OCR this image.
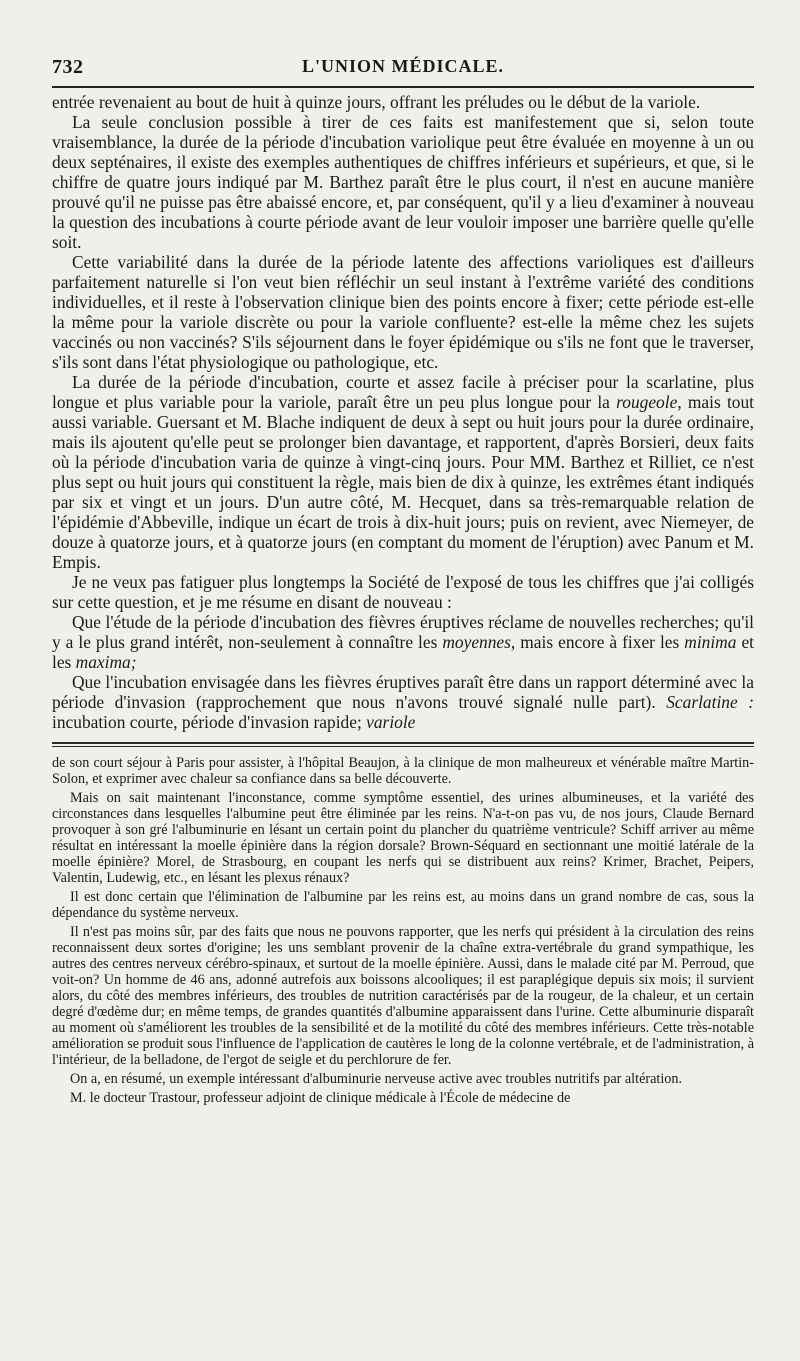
732	L'UNION MÉDICALE.

entrée revenaient au bout de huit à quinze jours, offrant les préludes ou le début de la variole.

La seule conclusion possible à tirer de ces faits est manifestement que si, selon toute vraisemblance, la durée de la période d'incubation variolique peut être évaluée en moyenne à un ou deux septénaires, il existe des exemples authentiques de chiffres inférieurs et supérieurs, et que, si le chiffre de quatre jours indiqué par M. Barthez paraît être le plus court, il n'est en aucune manière prouvé qu'il ne puisse pas être abaissé encore, et, par conséquent, qu'il y a lieu d'examiner à nouveau la question des incubations à courte période avant de leur vouloir imposer une barrière quelle qu'elle soit.

Cette variabilité dans la durée de la période latente des affections varioliques est d'ailleurs parfaitement naturelle si l'on veut bien réfléchir un seul instant à l'extrême variété des conditions individuelles, et il reste à l'observation clinique bien des points encore à fixer; cette période est-elle la même pour la variole discrète ou pour la variole confluente? est-elle la même chez les sujets vaccinés ou non vaccinés? S'ils séjournent dans le foyer épidémique ou s'ils ne font que le traverser, s'ils sont dans l'état physiologique ou pathologique, etc.

La durée de la période d'incubation, courte et assez facile à préciser pour la scarlatine, plus longue et plus variable pour la variole, paraît être un peu plus longue pour la rougeole, mais tout aussi variable. Guersant et M. Blache indiquent de deux à sept ou huit jours pour la durée ordinaire, mais ils ajoutent qu'elle peut se prolonger bien davantage, et rapportent, d'après Borsieri, deux faits où la période d'incubation varia de quinze à vingt-cinq jours. Pour MM. Barthez et Rilliet, ce n'est plus sept ou huit jours qui constituent la règle, mais bien de dix à quinze, les extrêmes étant indiqués par six et vingt et un jours. D'un autre côté, M. Hecquet, dans sa très-remarquable relation de l'épidémie d'Abbeville, indique un écart de trois à dix-huit jours; puis on revient, avec Niemeyer, de douze à quatorze jours, et à quatorze jours (en comptant du moment de l'éruption) avec Panum et M. Empis.

Je ne veux pas fatiguer plus longtemps la Société de l'exposé de tous les chiffres que j'ai colligés sur cette question, et je me résume en disant de nouveau :

Que l'étude de la période d'incubation des fièvres éruptives réclame de nouvelles recherches; qu'il y a le plus grand intérêt, non-seulement à connaître les moyennes, mais encore à fixer les minima et les maxima;

Que l'incubation envisagée dans les fièvres éruptives paraît être dans un rapport déterminé avec la période d'invasion (rapprochement que nous n'avons trouvé signalé nulle part). Scarlatine : incubation courte, période d'invasion rapide; variole

de son court séjour à Paris pour assister, à l'hôpital Beaujon, à la clinique de mon malheureux et vénérable maître Martin-Solon, et exprimer avec chaleur sa confiance dans sa belle découverte.

Mais on sait maintenant l'inconstance, comme symptôme essentiel, des urines albumineuses, et la variété des circonstances dans lesquelles l'albumine peut être éliminée par les reins. N'a-t-on pas vu, de nos jours, Claude Bernard provoquer à son gré l'albuminurie en lésant un certain point du plancher du quatrième ventricule? Schiff arriver au même résultat en intéressant la moelle épinière dans la région dorsale? Brown-Séquard en sectionnant une moitié latérale de la moelle épinière? Morel, de Strasbourg, en coupant les nerfs qui se distribuent aux reins? Krimer, Brachet, Peipers, Valentin, Ludewig, etc., en lésant les plexus rénaux?

Il est donc certain que l'élimination de l'albumine par les reins est, au moins dans un grand nombre de cas, sous la dépendance du système nerveux.

Il n'est pas moins sûr, par des faits que nous ne pouvons rapporter, que les nerfs qui président à la circulation des reins reconnaissent deux sortes d'origine; les uns semblant provenir de la chaîne extra-vertébrale du grand sympathique, les autres des centres nerveux cérébro-spinaux, et surtout de la moelle épinière. Aussi, dans le malade cité par M. Perroud, que voit-on? Un homme de 46 ans, adonné autrefois aux boissons alcooliques; il est paraplégique depuis six mois; il survient alors, du côté des membres inférieurs, des troubles de nutrition caractérisés par de la rougeur, de la chaleur, et un certain degré d'œdème dur; en même temps, de grandes quantités d'albumine apparaissent dans l'urine. Cette albuminurie disparaît au moment où s'améliorent les troubles de la sensibilité et de la motilité du côté des membres inférieurs. Cette très-notable amélioration se produit sous l'influence de l'application de cautères le long de la colonne vertébrale, et de l'administration, à l'intérieur, de la belladone, de l'ergot de seigle et du perchlorure de fer.

On a, en résumé, un exemple intéressant d'albuminurie nerveuse active avec troubles nutritifs par altération.

M. le docteur Trastour, professeur adjoint de clinique médicale à l'École de médecine de
